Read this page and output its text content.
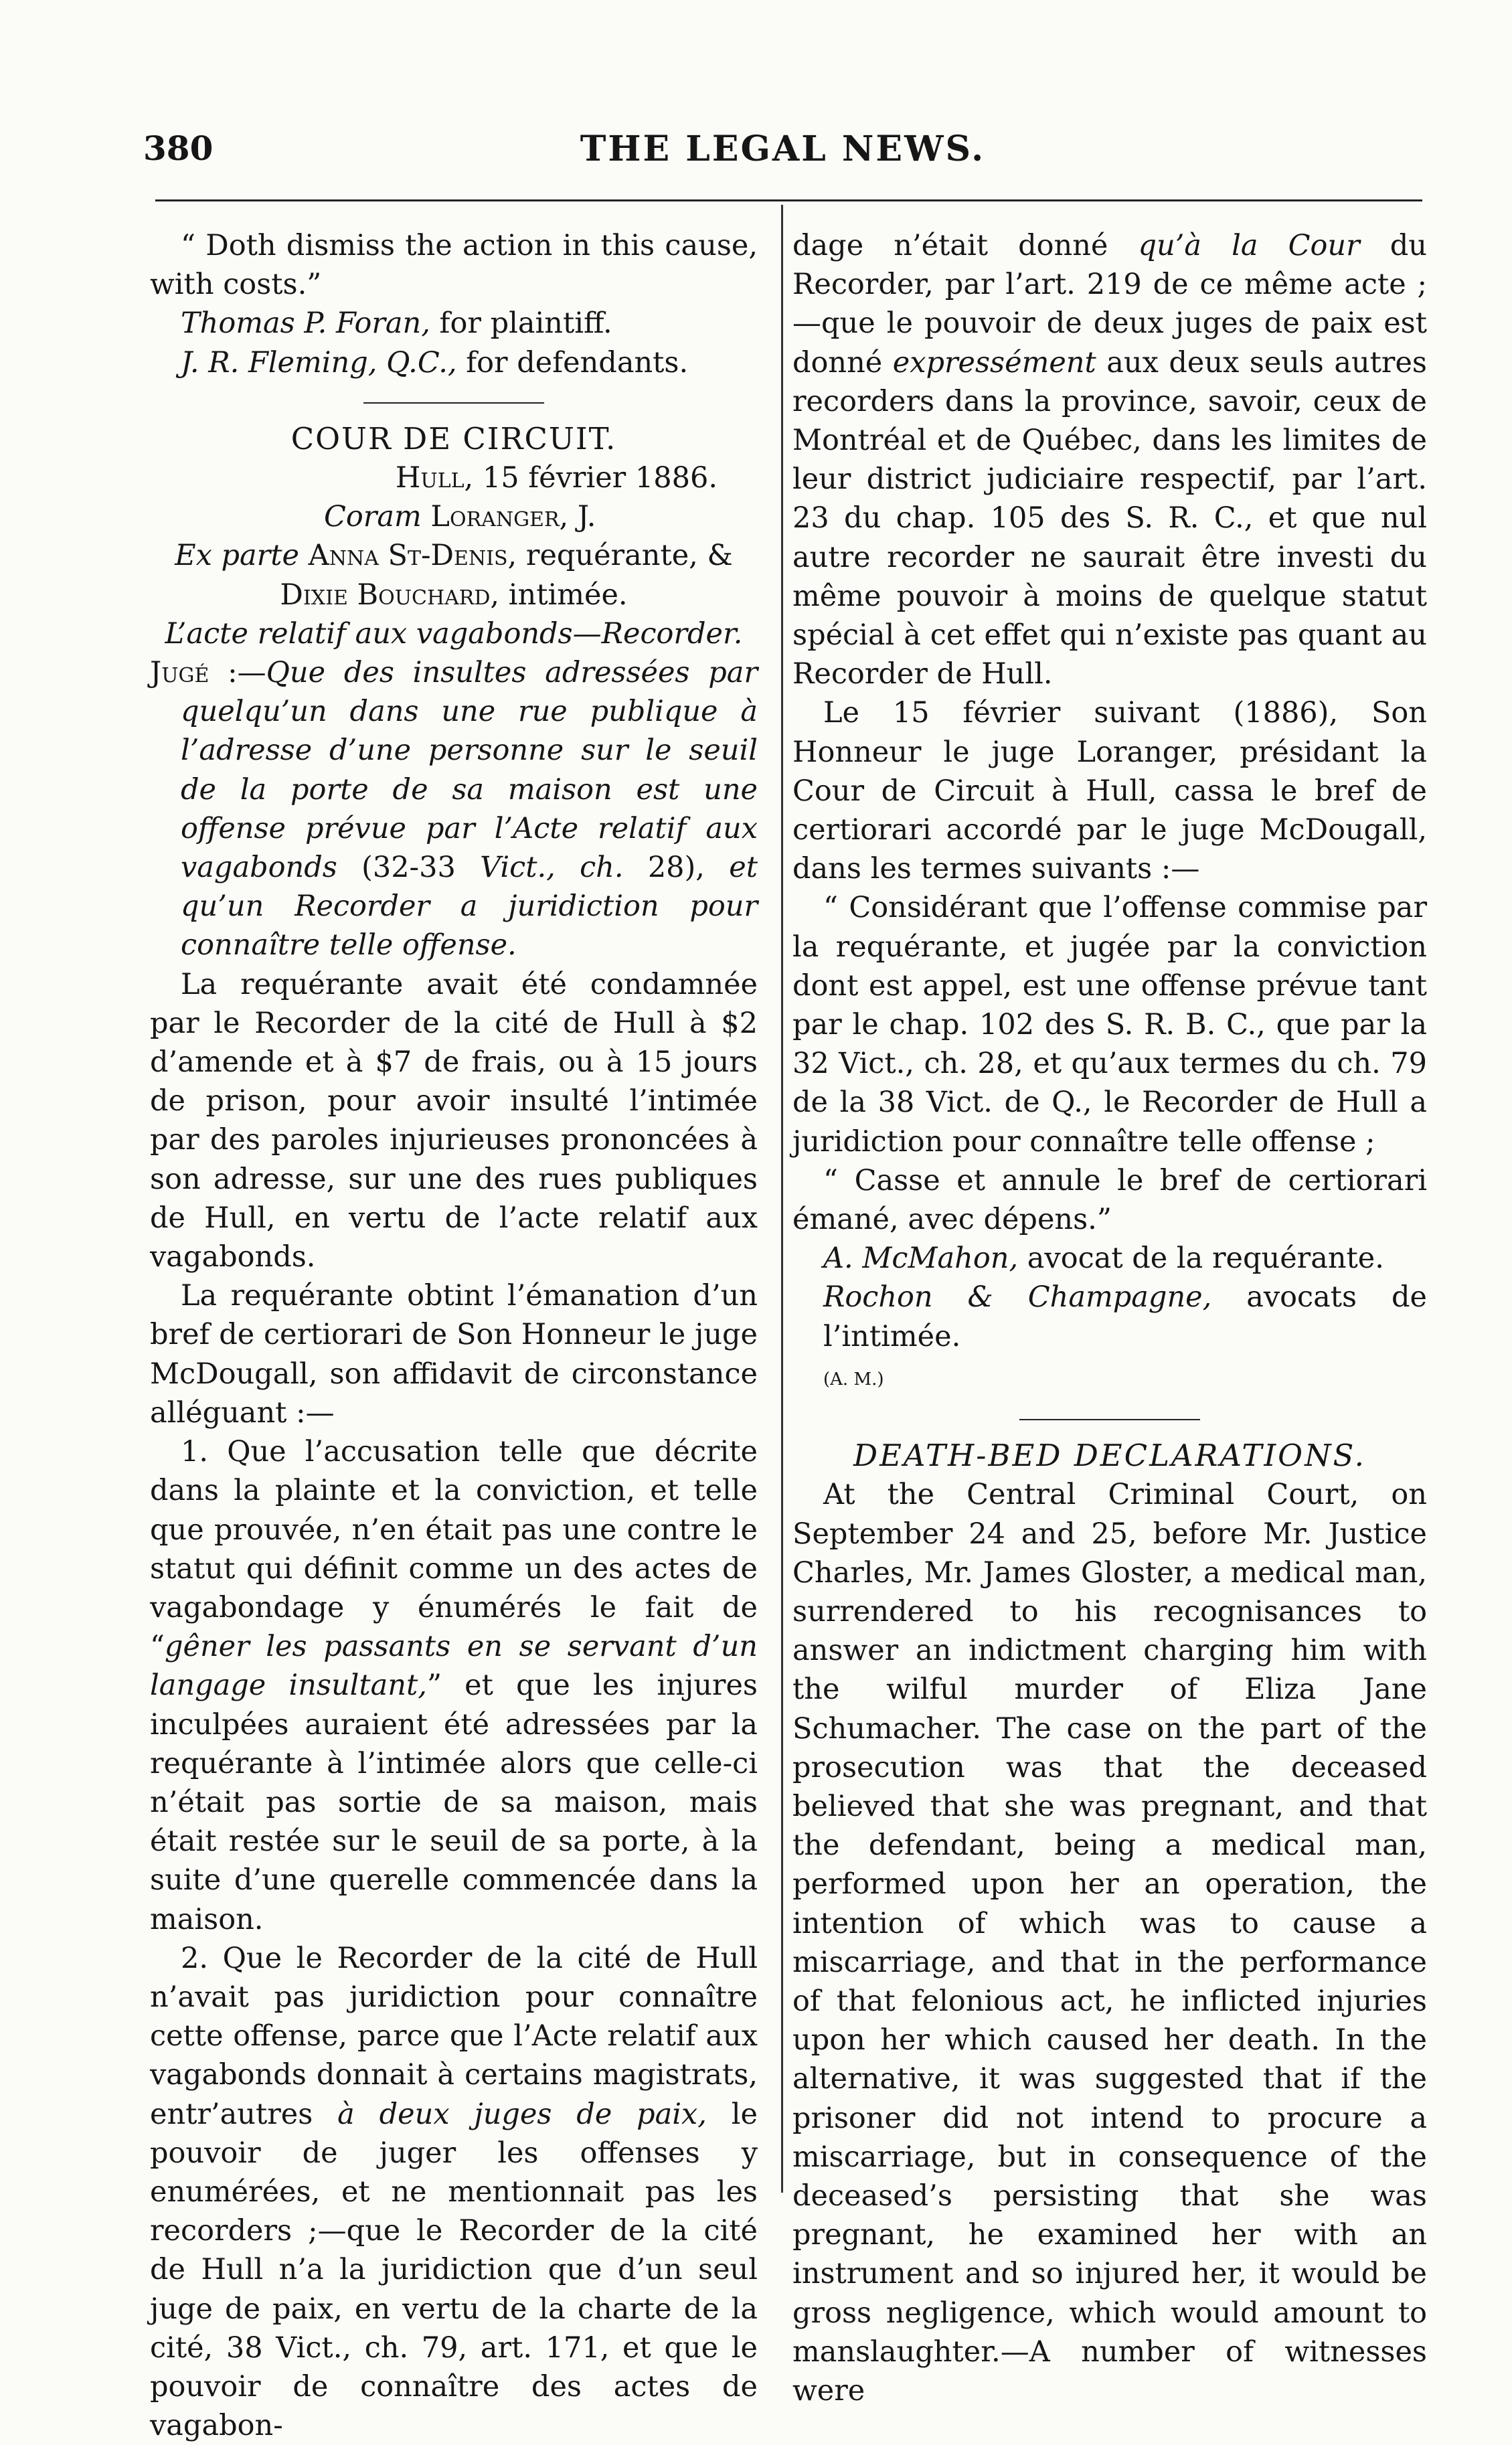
380	THE LEGAL NEWS.

“ Doth dismiss the action in this cause, with costs.”

Thomas P. Foran, for plaintiff.

J. R. Fleming, Q.C., for defendants.

COUR DE CIRCUIT.

Hull, 15 février 1886.

Coram Loranger, J.

Ex parte Anna St-Denis, requérante, & Dixie Bouchard, intimée.

L’acte relatif aux vagabonds—Recorder.

Jugé :—Que des insultes adressées par quelqu’un dans une rue publique à l’adresse d’une personne sur le seuil de la porte de sa maison est une offense prévue par l’Acte relatif aux vagabonds (32-33 Vict., ch. 28), et qu’un Recorder a juridiction pour connaître telle offense.

La requérante avait été condamnée par le Recorder de la cité de Hull à $2 d’amende et à $7 de frais, ou à 15 jours de prison, pour avoir insulté l’intimée par des paroles injurieuses prononcées à son adresse, sur une des rues publiques de Hull, en vertu de l’acte relatif aux vagabonds.

La requérante obtint l’émanation d’un bref de certiorari de Son Honneur le juge McDougall, son affidavit de circonstance alléguant :—

1. Que l’accusation telle que décrite dans la plainte et la conviction, et telle que prouvée, n’en était pas une contre le statut qui définit comme un des actes de vagabondage y énumérés le fait de “gêner les passants en se servant d’un langage insultant,” et que les injures inculpées auraient été adressées par la requérante à l’intimée alors que celle-ci n’était pas sortie de sa maison, mais était restée sur le seuil de sa porte, à la suite d’une querelle commencée dans la maison.

2. Que le Recorder de la cité de Hull n’avait pas juridiction pour connaître cette offense, parce que l’Acte relatif aux vagabonds donnait à certains magistrats, entr’autres à deux juges de paix, le pouvoir de juger les offenses y enumérées, et ne mentionnait pas les recorders ;—que le Recorder de la cité de Hull n’a la juridiction que d’un seul juge de paix, en vertu de la charte de la cité, 38 Vict., ch. 79, art. 171, et que le pouvoir de connaître des actes de vagabon-

dage n’était donné qu’à la Cour du Recorder, par l’art. 219 de ce même acte ;—que le pouvoir de deux juges de paix est donné expressément aux deux seuls autres recorders dans la province, savoir, ceux de Montréal et de Québec, dans les limites de leur district judiciaire respectif, par l’art. 23 du chap. 105 des S. R. C., et que nul autre recorder ne saurait être investi du même pouvoir à moins de quelque statut spécial à cet effet qui n’existe pas quant au Recorder de Hull.

Le 15 février suivant (1886), Son Honneur le juge Loranger, présidant la Cour de Circuit à Hull, cassa le bref de certiorari accordé par le juge McDougall, dans les termes suivants :—

“ Considérant que l’offense commise par la requérante, et jugée par la conviction dont est appel, est une offense prévue tant par le chap. 102 des S. R. B. C., que par la 32 Vict., ch. 28, et qu’aux termes du ch. 79 de la 38 Vict. de Q., le Recorder de Hull a juridiction pour connaître telle offense ;

“ Casse et annule le bref de certiorari émané, avec dépens.”

A. McMahon, avocat de la requérante.

Rochon & Champagne, avocats de l’intimée.

(A. M.)

DEATH-BED DECLARATIONS.

At the Central Criminal Court, on September 24 and 25, before Mr. Justice Charles, Mr. James Gloster, a medical man, surrendered to his recognisances to answer an indictment charging him with the wilful murder of Eliza Jane Schumacher. The case on the part of the prosecution was that the deceased believed that she was pregnant, and that the defendant, being a medical man, performed upon her an operation, the intention of which was to cause a miscarriage, and that in the performance of that felonious act, he inflicted injuries upon her which caused her death. In the alternative, it was suggested that if the prisoner did not intend to procure a miscarriage, but in consequence of the deceased’s persisting that she was pregnant, he examined her with an instrument and so injured her, it would be gross negligence, which would amount to manslaughter.—A number of witnesses were
